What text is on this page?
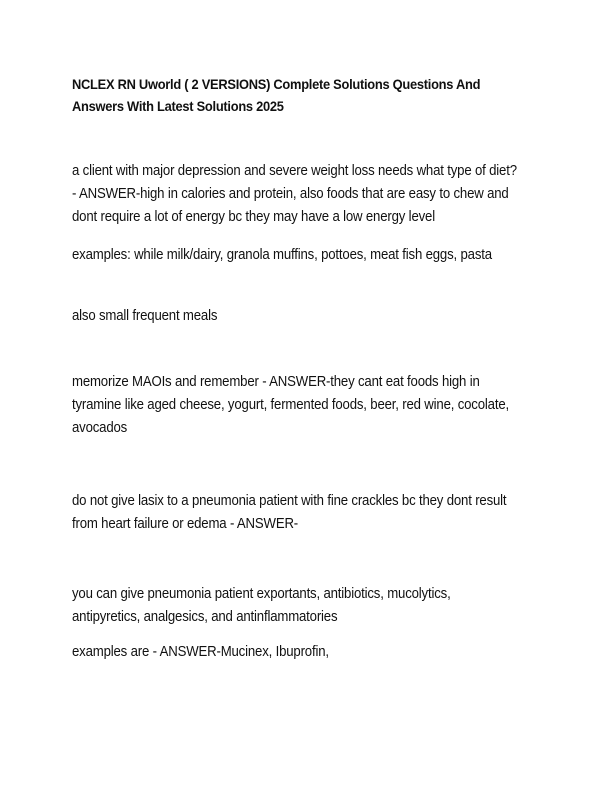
NCLEX RN Uworld ( 2 VERSIONS) Complete Solutions Questions And Answers With Latest Solutions 2025

a client with major depression and severe weight loss needs what type of diet? - ANSWER-high in calories and protein, also foods that are easy to chew and dont require a lot of energy bc they may have a low energy level

examples: while milk/dairy, granola muffins, pottoes, meat fish eggs, pasta

also small frequent meals

memorize MAOIs and remember - ANSWER-they cant eat foods high in tyramine like aged cheese, yogurt, fermented foods, beer, red wine, cocolate, avocados

do not give lasix to a pneumonia patient with fine crackles bc they dont result from heart failure or edema - ANSWER-

you can give pneumonia patient exportants, antibiotics, mucolytics, antipyretics, analgesics, and antinflammatories

examples are - ANSWER-Mucinex, Ibuprofin,
